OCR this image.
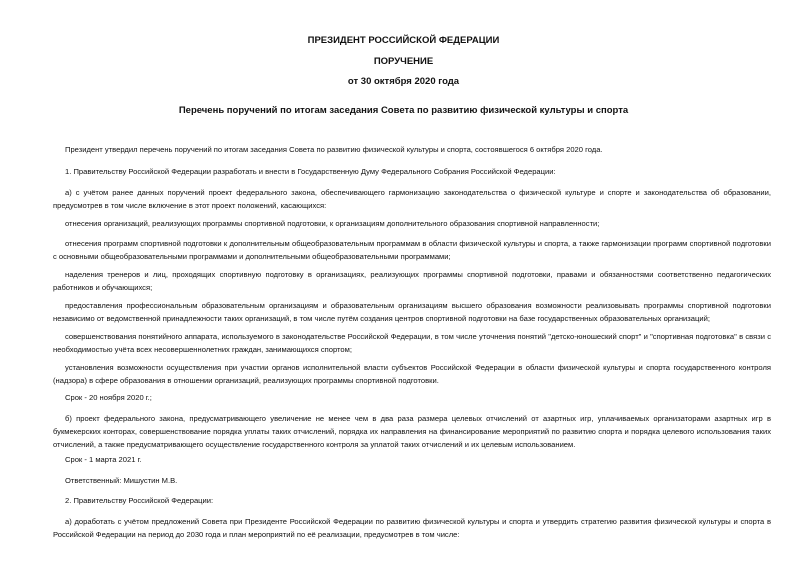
ПРЕЗИДЕНТ РОССИЙСКОЙ ФЕДЕРАЦИИ
ПОРУЧЕНИЕ
от 30 октября 2020 года
Перечень поручений по итогам заседания Совета по развитию физической культуры и спорта

Президент утвердил перечень поручений по итогам заседания Совета по развитию физической культуры и спорта, состоявшегося 6 октября 2020 года.

1. Правительству Российской Федерации разработать и внести в Государственную Думу Федерального Собрания Российской Федерации:

а) с учётом ранее данных поручений проект федерального закона, обеспечивающего гармонизацию законодательства о физической культуре и спорте и законодательства об образовании, предусмотрев в том числе включение в этот проект положений, касающихся:

отнесения организаций, реализующих программы спортивной подготовки, к организациям дополнительного образования спортивной направленности;

отнесения программ спортивной подготовки к дополнительным общеобразовательным программам в области физической культуры и спорта, а также гармонизации программ спортивной подготовки с основными общеобразовательными программами и дополнительными общеобразовательными программами;

наделения тренеров и лиц, проходящих спортивную подготовку в организациях, реализующих программы спортивной подготовки, правами и обязанностями соответственно педагогических работников и обучающихся;

предоставления профессиональным образовательным организациям и образовательным организациям высшего образования возможности реализовывать программы спортивной подготовки независимо от ведомственной принадлежности таких организаций, в том числе путём создания центров спортивной подготовки на базе государственных образовательных организаций;

совершенствования понятийного аппарата, используемого в законодательстве Российской Федерации, в том числе уточнения понятий "детско-юношеский спорт" и "спортивная подготовка" в связи с необходимостью учёта всех несовершеннолетних граждан, занимающихся спортом;

установления возможности осуществления при участии органов исполнительной власти субъектов Российской Федерации в области физической культуры и спорта государственного контроля (надзора) в сфере образования в отношении организаций, реализующих программы спортивной подготовки.

Срок - 20 ноября 2020 г.;

б) проект федерального закона, предусматривающего увеличение не менее чем в два раза размера целевых отчислений от азартных игр, уплачиваемых организаторами азартных игр в букмекерских конторах, совершенствование порядка уплаты таких отчислений, порядка их направления на финансирование мероприятий по развитию спорта и порядка целевого использования таких отчислений, а также предусматривающего осуществление государственного контроля за уплатой таких отчислений и их целевым использованием.

Срок - 1 марта 2021 г.

Ответственный: Мишустин М.В.

2. Правительству Российской Федерации:

а) доработать с учётом предложений Совета при Президенте Российской Федерации по развитию физической культуры и спорта и утвердить стратегию развития физической культуры и спорта в Российской Федерации на период до 2030 года и план мероприятий по её реализации, предусмотрев в том числе:
